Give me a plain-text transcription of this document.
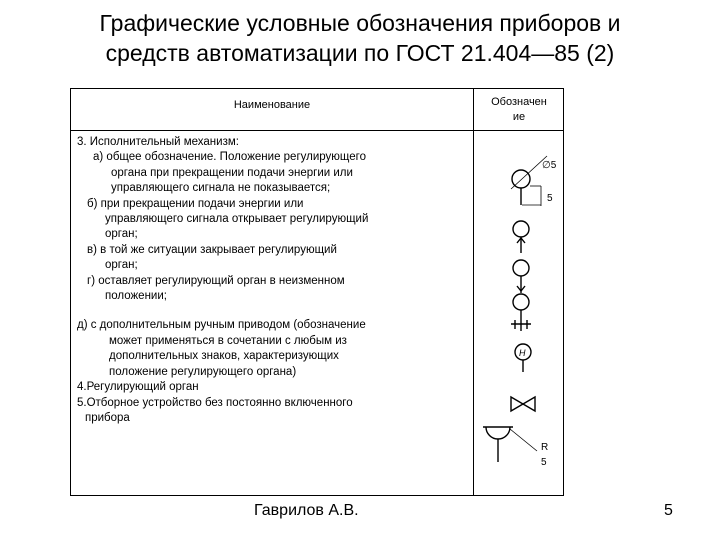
Графические условные обозначения приборов и
средств автоматизации по ГОСТ 21.404—85 (2)
Наименование	Обозначен
ие
3. Исполнительный механизм:
а) общее обозначение. Положение регулирующего
органа при прекращении подачи энергии или
управляющего сигнала не показывается;
б) при прекращении подачи энергии или
управляющего сигнала открывает регулирующий
орган;
в) в той же ситуации закрывает регулирующий
орган;
г) оставляет регулирующий орган в неизменном
положении;
д) с дополнительным ручным приводом (обозначение
может применяться в сочетании с любым из
дополнительных знаков, характеризующих
положение регулирующего органа)
4.Регулирующий орган
5.Отборное устройство без постоянно включенного
прибора
∅5
5
Н
R
5
Гаврилов А.В.	5
